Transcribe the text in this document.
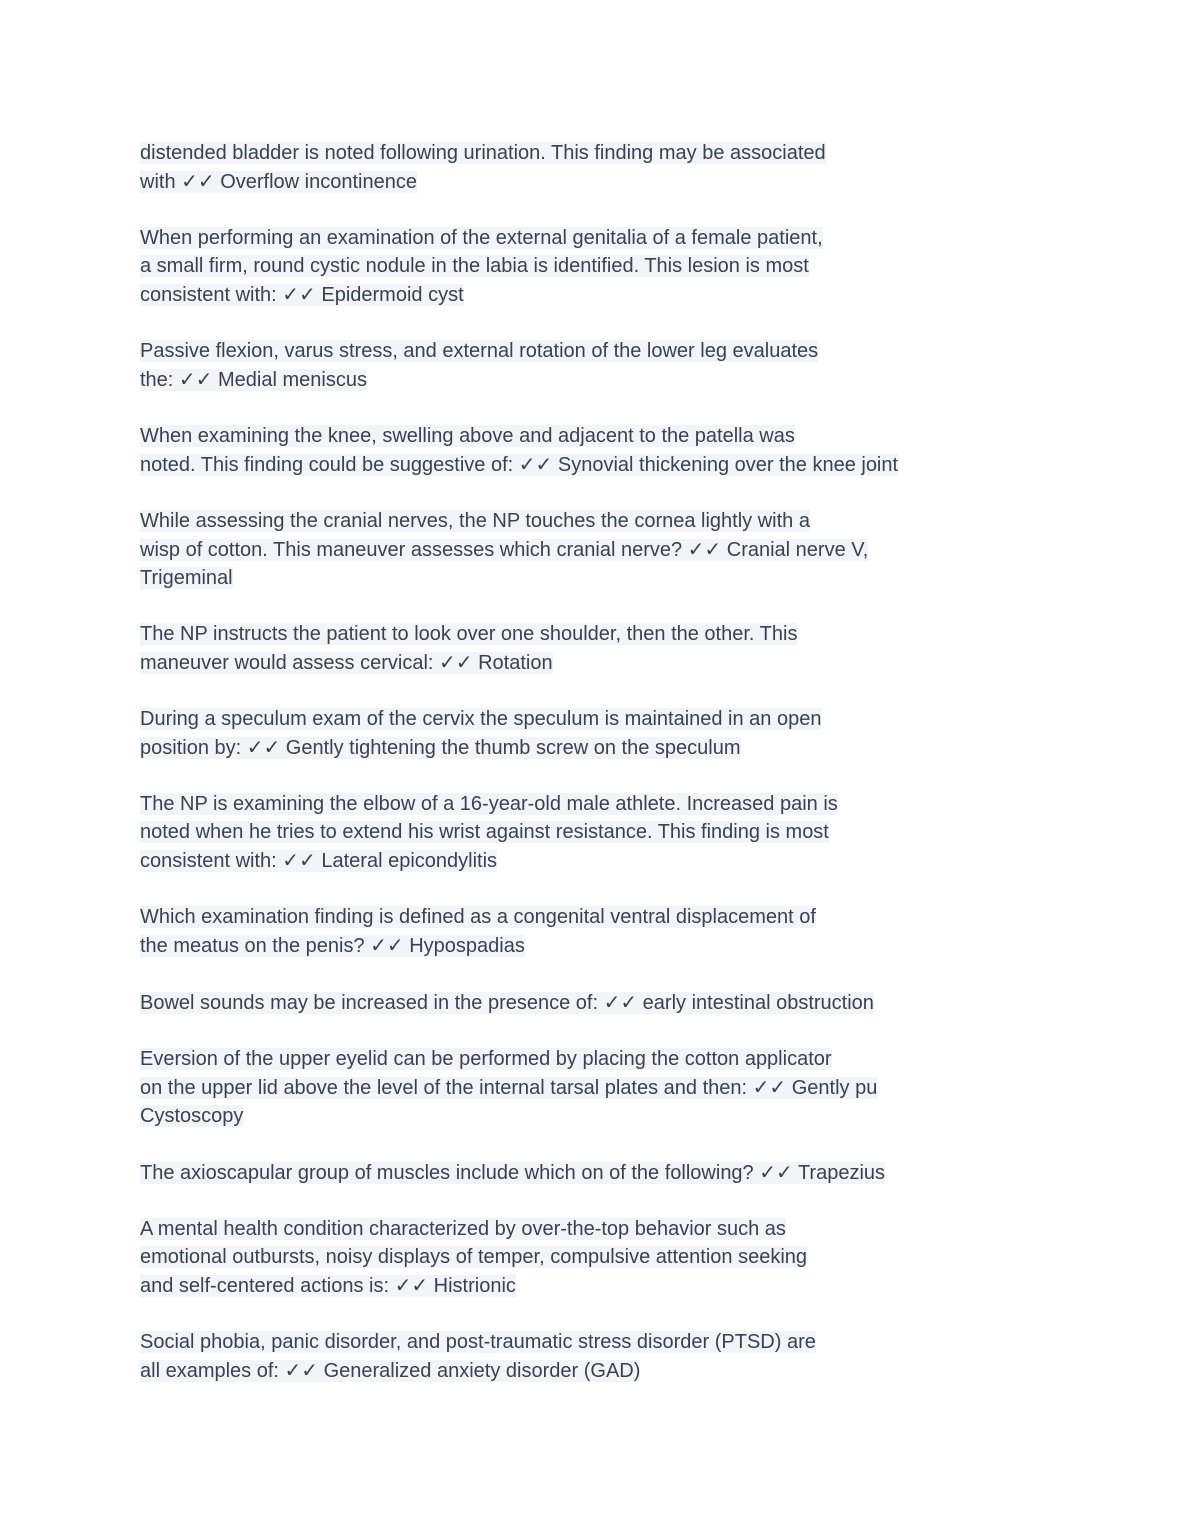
distended bladder is noted following urination. This finding may be associated
with ✓✓ Overflow incontinence

When performing an examination of the external genitalia of a female patient,
a small firm, round cystic nodule in the labia is identified. This lesion is most
consistent with: ✓✓ Epidermoid cyst

Passive flexion, varus stress, and external rotation of the lower leg evaluates
the: ✓✓ Medial meniscus

When examining the knee, swelling above and adjacent to the patella was
noted. This finding could be suggestive of: ✓✓ Synovial thickening over the knee joint

While assessing the cranial nerves, the NP touches the cornea lightly with a
wisp of cotton. This maneuver assesses which cranial nerve? ✓✓ Cranial nerve V,
Trigeminal

The NP instructs the patient to look over one shoulder, then the other. This
maneuver would assess cervical: ✓✓ Rotation

During a speculum exam of the cervix the speculum is maintained in an open
position by: ✓✓ Gently tightening the thumb screw on the speculum

The NP is examining the elbow of a 16-year-old male athlete. Increased pain is
noted when he tries to extend his wrist against resistance. This finding is most
consistent with: ✓✓ Lateral epicondylitis

Which examination finding is defined as a congenital ventral displacement of
the meatus on the penis? ✓✓ Hypospadias

Bowel sounds may be increased in the presence of: ✓✓ early intestinal obstruction

Eversion of the upper eyelid can be performed by placing the cotton applicator
on the upper lid above the level of the internal tarsal plates and then: ✓✓ Gently pu
Cystoscopy

The axioscapular group of muscles include which on of the following? ✓✓ Trapezius

A mental health condition characterized by over-the-top behavior such as
emotional outbursts, noisy displays of temper, compulsive attention seeking
and self-centered actions is: ✓✓ Histrionic

Social phobia, panic disorder, and post-traumatic stress disorder (PTSD) are
all examples of: ✓✓ Generalized anxiety disorder (GAD)
